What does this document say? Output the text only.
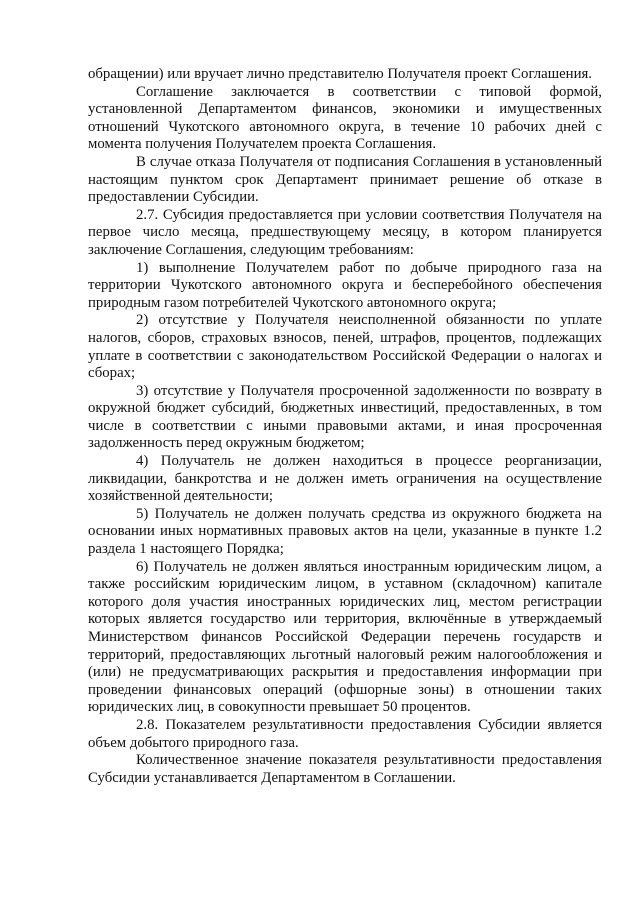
обращении) или вручает лично представителю Получателя проект Соглашения.

Соглашение заключается в соответствии с типовой формой, установленной Департаментом финансов, экономики и имущественных отношений Чукотского автономного округа, в течение 10 рабочих дней с момента получения Получателем проекта Соглашения.

В случае отказа Получателя от подписания Соглашения в установленный настоящим пунктом срок Департамент принимает решение об отказе в предоставлении Субсидии.

2.7. Субсидия предоставляется при условии соответствия Получателя на первое число месяца, предшествующему месяцу, в котором планируется заключение Соглашения, следующим требованиям:

1) выполнение Получателем работ по добыче природного газа на территории Чукотского автономного округа и бесперебойного обеспечения природным газом потребителей Чукотского автономного округа;

2) отсутствие у Получателя неисполненной обязанности по уплате налогов, сборов, страховых взносов, пеней, штрафов, процентов, подлежащих уплате в соответствии с законодательством Российской Федерации о налогах и сборах;

3) отсутствие у Получателя просроченной задолженности по возврату в окружной бюджет субсидий, бюджетных инвестиций, предоставленных, в том числе в соответствии с иными правовыми актами, и иная просроченная задолженность перед окружным бюджетом;

4) Получатель не должен находиться в процессе реорганизации, ликвидации, банкротства и не должен иметь ограничения на осуществление хозяйственной деятельности;

5) Получатель не должен получать средства из окружного бюджета на основании иных нормативных правовых актов на цели, указанные в пункте 1.2 раздела 1 настоящего Порядка;

6) Получатель не должен являться иностранным юридическим лицом, а также российским юридическим лицом, в уставном (складочном) капитале которого доля участия иностранных юридических лиц, местом регистрации которых является государство или территория, включённые в утверждаемый Министерством финансов Российской Федерации перечень государств и территорий, предоставляющих льготный налоговый режим налогообложения и (или) не предусматривающих раскрытия и предоставления информации при проведении финансовых операций (офшорные зоны) в отношении таких юридических лиц, в совокупности превышает 50 процентов.

2.8. Показателем результативности предоставления Субсидии является объем добытого природного газа.

Количественное значение показателя результативности предоставления Субсидии устанавливается Департаментом в Соглашении.
